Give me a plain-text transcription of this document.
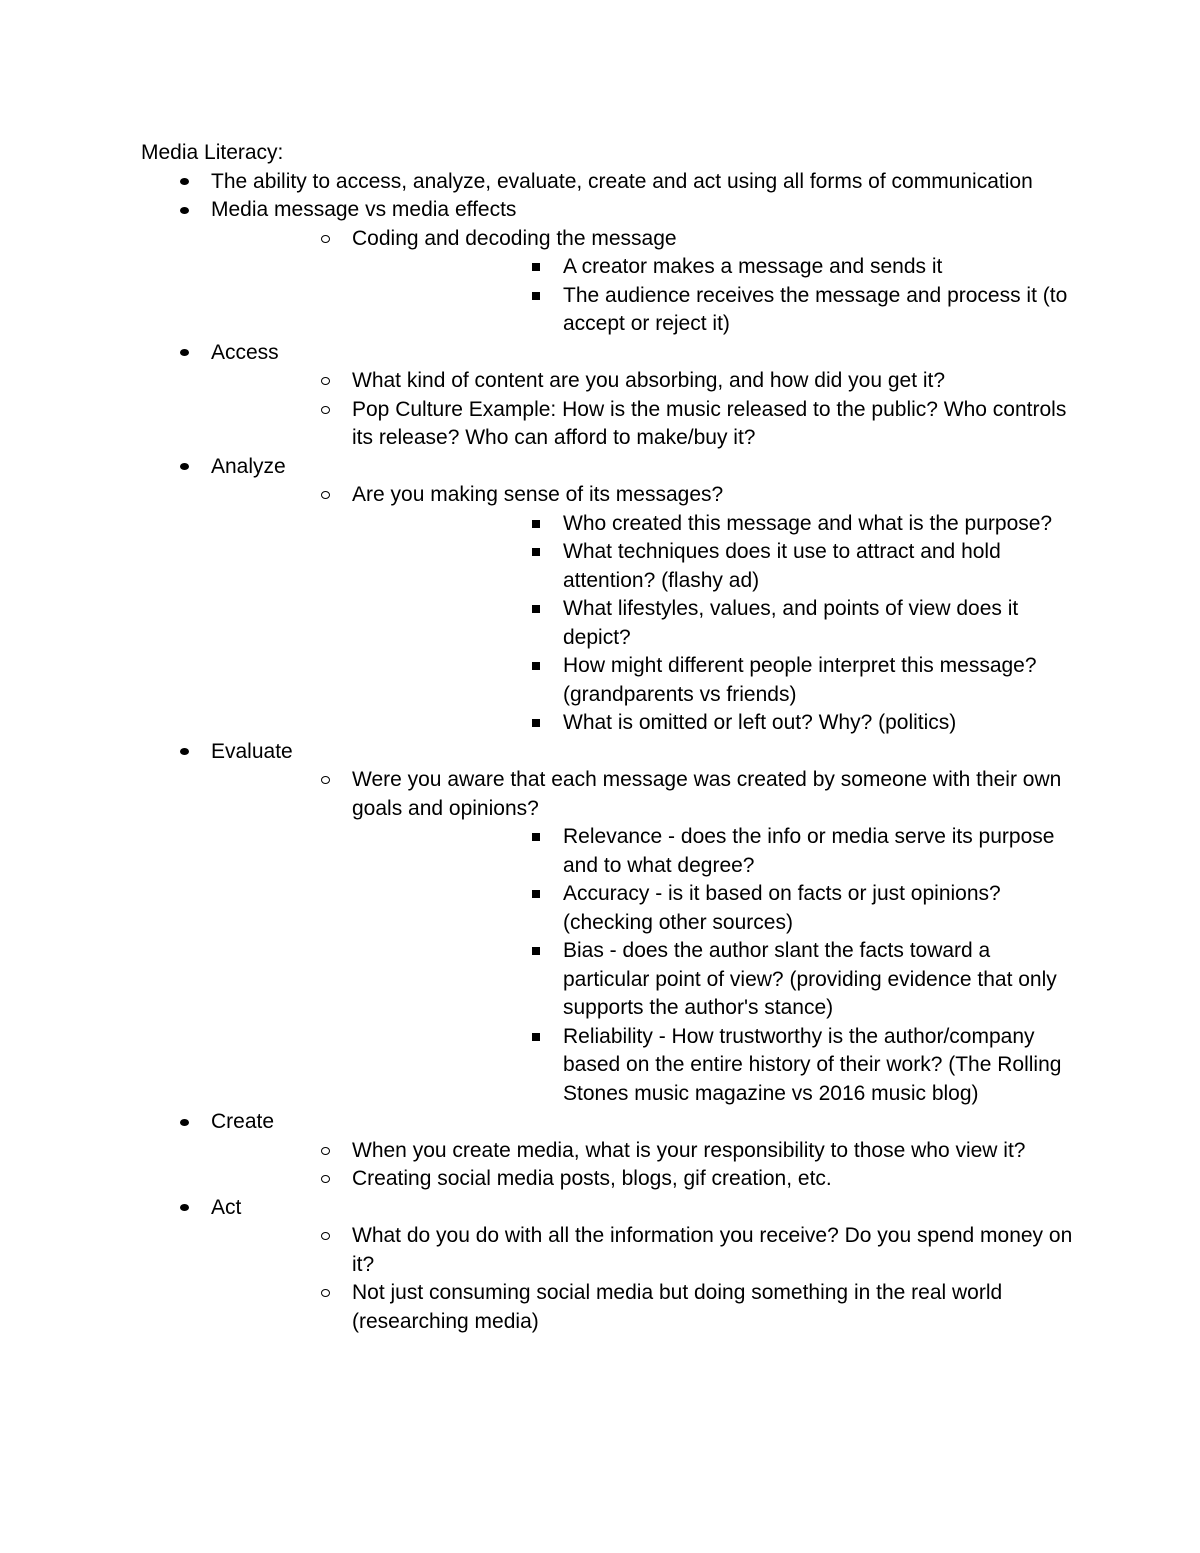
Media Literacy:
The ability to access, analyze, evaluate, create and act using all forms of communication
Media message vs media effects
Coding and decoding the message
A creator makes a message and sends it
The audience receives the message and process it (to accept or reject it)
Access
What kind of content are you absorbing, and how did you get it?
Pop Culture Example: How is the music released to the public? Who controls its release? Who can afford to make/buy it?
Analyze
Are you making sense of its messages?
Who created this message and what is the purpose?
What techniques does it use to attract and hold attention? (flashy ad)
What lifestyles, values, and points of view does it depict?
How might different people interpret this message? (grandparents vs friends)
What is omitted or left out? Why? (politics)
Evaluate
Were you aware that each message was created by someone with their own goals and opinions?
Relevance - does the info or media serve its purpose and to what degree?
Accuracy - is it based on facts or just opinions? (checking other sources)
Bias - does the author slant the facts toward a particular point of view? (providing evidence that only supports the author's stance)
Reliability - How trustworthy is the author/company based on the entire history of their work? (The Rolling Stones music magazine vs 2016 music blog)
Create
When you create media, what is your responsibility to those who view it?
Creating social media posts, blogs, gif creation, etc.
Act
What do you do with all the information you receive? Do you spend money on it?
Not just consuming social media but doing something in the real world (researching media)
